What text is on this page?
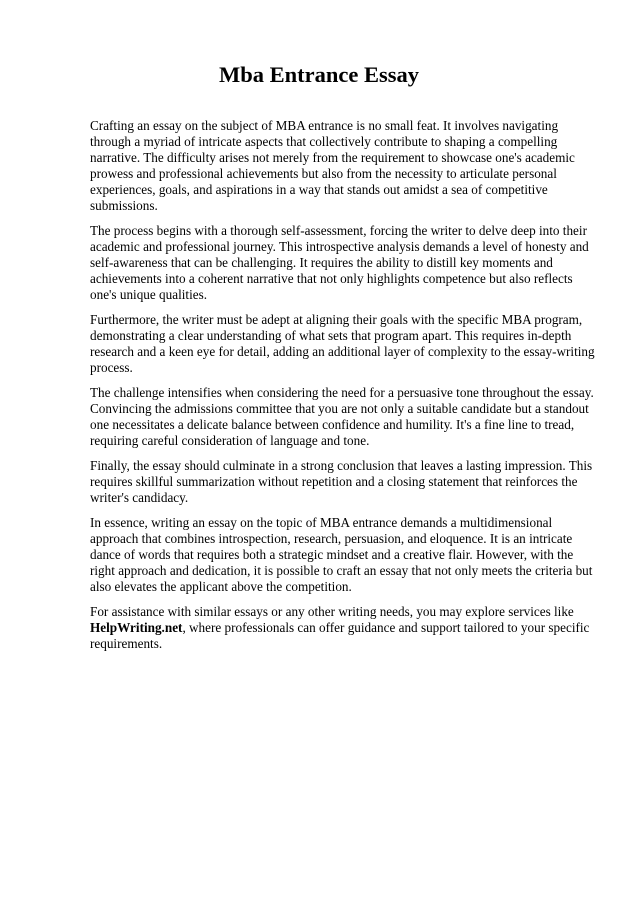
Mba Entrance Essay

Crafting an essay on the subject of MBA entrance is no small feat. It involves navigating through a myriad of intricate aspects that collectively contribute to shaping a compelling narrative. The difficulty arises not merely from the requirement to showcase one's academic prowess and professional achievements but also from the necessity to articulate personal experiences, goals, and aspirations in a way that stands out amidst a sea of competitive submissions.

The process begins with a thorough self-assessment, forcing the writer to delve deep into their academic and professional journey. This introspective analysis demands a level of honesty and self-awareness that can be challenging. It requires the ability to distill key moments and achievements into a coherent narrative that not only highlights competence but also reflects one's unique qualities.

Furthermore, the writer must be adept at aligning their goals with the specific MBA program, demonstrating a clear understanding of what sets that program apart. This requires in-depth research and a keen eye for detail, adding an additional layer of complexity to the essay-writing process.

The challenge intensifies when considering the need for a persuasive tone throughout the essay. Convincing the admissions committee that you are not only a suitable candidate but a standout one necessitates a delicate balance between confidence and humility. It's a fine line to tread, requiring careful consideration of language and tone.

Finally, the essay should culminate in a strong conclusion that leaves a lasting impression. This requires skillful summarization without repetition and a closing statement that reinforces the writer's candidacy.

In essence, writing an essay on the topic of MBA entrance demands a multidimensional approach that combines introspection, research, persuasion, and eloquence. It is an intricate dance of words that requires both a strategic mindset and a creative flair. However, with the right approach and dedication, it is possible to craft an essay that not only meets the criteria but also elevates the applicant above the competition.

For assistance with similar essays or any other writing needs, you may explore services like HelpWriting.net, where professionals can offer guidance and support tailored to your specific requirements.
